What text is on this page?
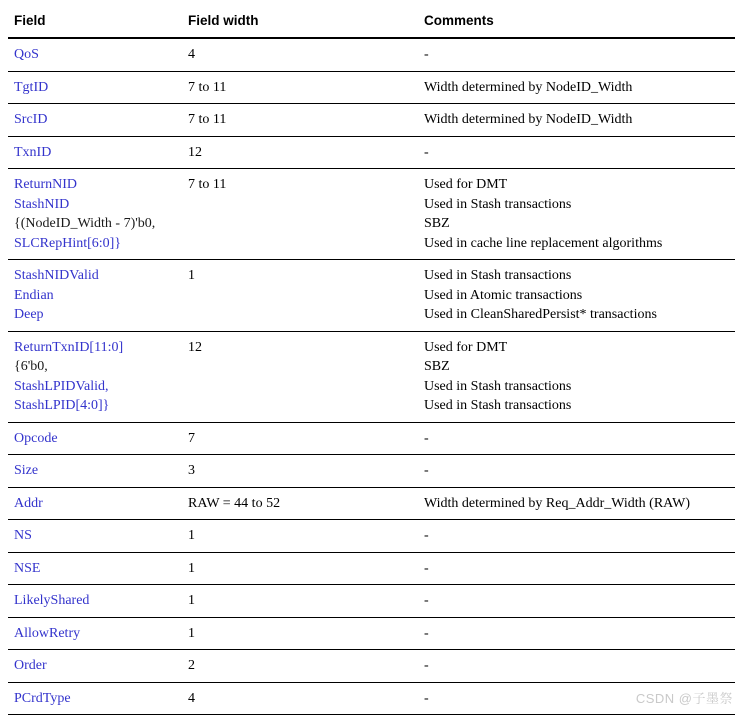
Field	Field width	Comments

QoS	4	-

TgtID	7 to 11	Width determined by NodeID_Width

SrcID	7 to 11	Width determined by NodeID_Width

TxnID	12	-

ReturnNID
StashNID
{(NodeID_Width - 7)'b0,
SLCRepHint[6:0]}	7 to 11	Used for DMT
Used in Stash transactions
SBZ
Used in cache line replacement algorithms

StashNIDValid
Endian
Deep	1	Used in Stash transactions
Used in Atomic transactions
Used in CleanSharedPersist* transactions

ReturnTxnID[11:0]
{6'b0,
StashLPIDValid,
StashLPID[4:0]}	12	Used for DMT
SBZ
Used in Stash transactions
Used in Stash transactions

Opcode	7	-

Size	3	-

Addr	RAW = 44 to 52	Width determined by Req_Addr_Width (RAW)

NS	1	-

NSE	1	-

LikelyShared	1	-

AllowRetry	1	-

Order	2	-

PCrdType	4	-	CSDN @子墨祭
